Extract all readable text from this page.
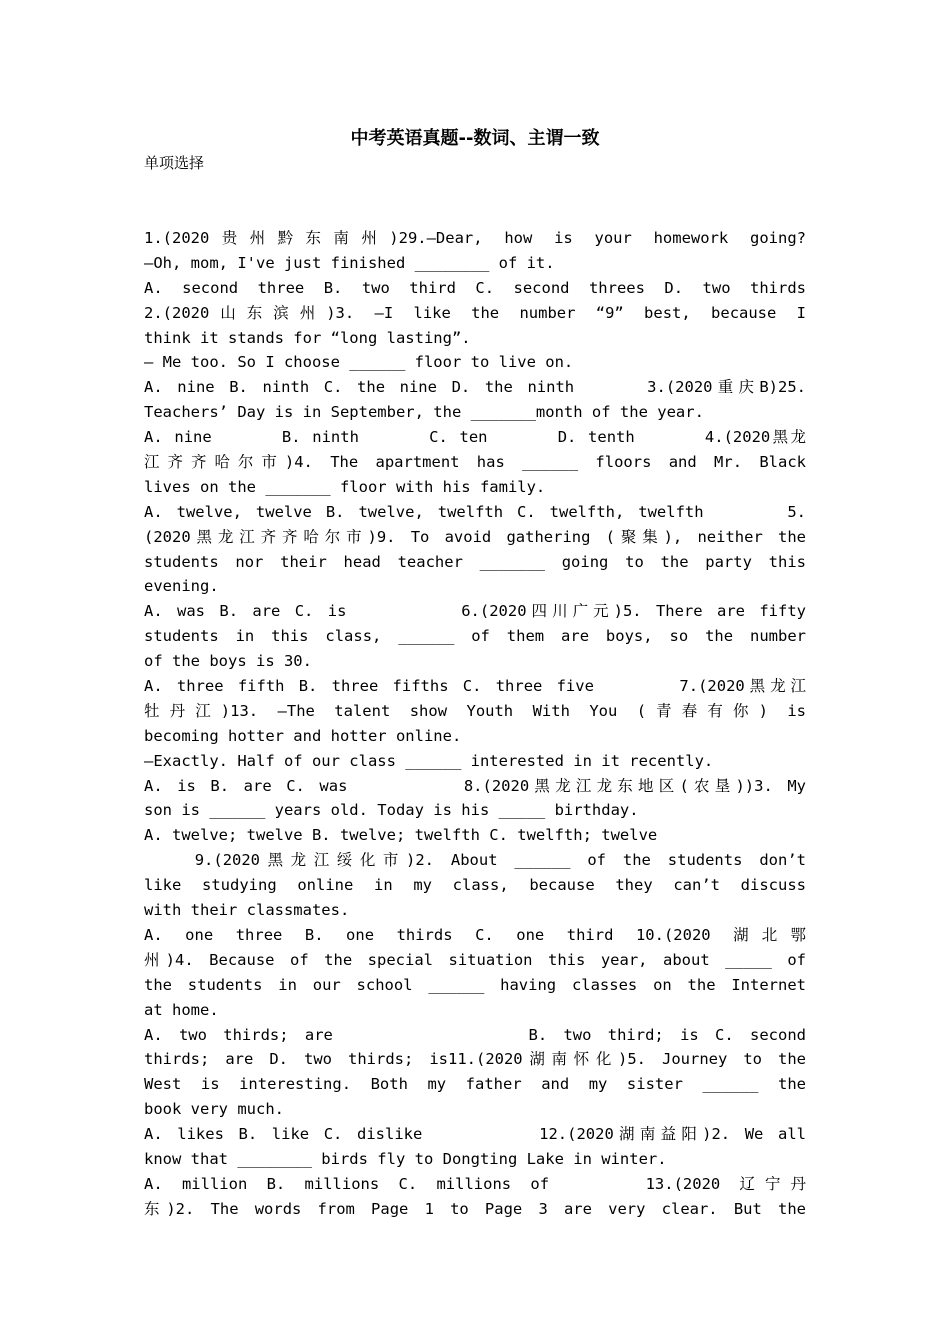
中考英语真题--数词、主谓一致
单项选择
1.(2020贵州黔东南州)29.—Dear, how is your homework going?
—Oh, mom, I've just finished ________ of it.
A. second three B. two third C. second threes D. two thirds
2.(2020山东滨州)3. —I like the number “9” best, because I
think it stands for “long lasting”.
— Me too. So I choose ______ floor to live on.
A. nine B. ninth C. the nine D. the ninth     3.(2020重庆B)25.
Teachers’ Day is in September, the _______month of the year.
A. nine      B. ninth      C. ten      D. tenth      4.(2020黑龙
江齐齐哈尔市)4. The apartment has ______ floors and Mr. Black
lives on the _______ floor with his family.
A. twelve, twelve B. twelve, twelfth C. twelfth, twelfth      5.
(2020黑龙江齐齐哈尔市)9. To avoid gathering (聚集), neither the
students nor their head teacher _______ going to the party this
evening.
A. was B. are C. is        6.(2020四川广元)5. There are fifty
students in this class, ______ of them are boys, so the number
of the boys is 30.
A. three fifth B. three fifths C. three five      7.(2020黑龙江
牡丹江)13. —The talent show Youth With You (青春有你) is
becoming hotter and hotter online.
—Exactly. Half of our class ______ interested in it recently.
A. is B. are C. was        8.(2020黑龙江龙东地区(农垦))3. My
son is ______ years old. Today is his _____ birthday.
A. twelve; twelve B. twelve; twelfth C. twelfth; twelve
9.(2020黑龙江绥化市)2. About ______ of the students don’t
like studying online in my class, because they can’t discuss
with their classmates.
A. one three B. one thirds C. one third 10.(2020 湖北鄂
州)4. Because of the special situation this year, about _____ of
the students in our school ______ having classes on the Internet
at home.
A. two thirds; are            B. two third; is C. second
thirds; are D. two thirds; is11.(2020湖南怀化)5. Journey to the
West is interesting. Both my father and my sister ______ the
book very much.
A. likes B. like C. dislike        12.(2020湖南益阳)2. We all
know that ________ birds fly to Dongting Lake in winter.
A. million B. millions C. millions of     13.(2020 辽宁丹
东)2. The words from Page 1 to Page 3 are very clear. But the
